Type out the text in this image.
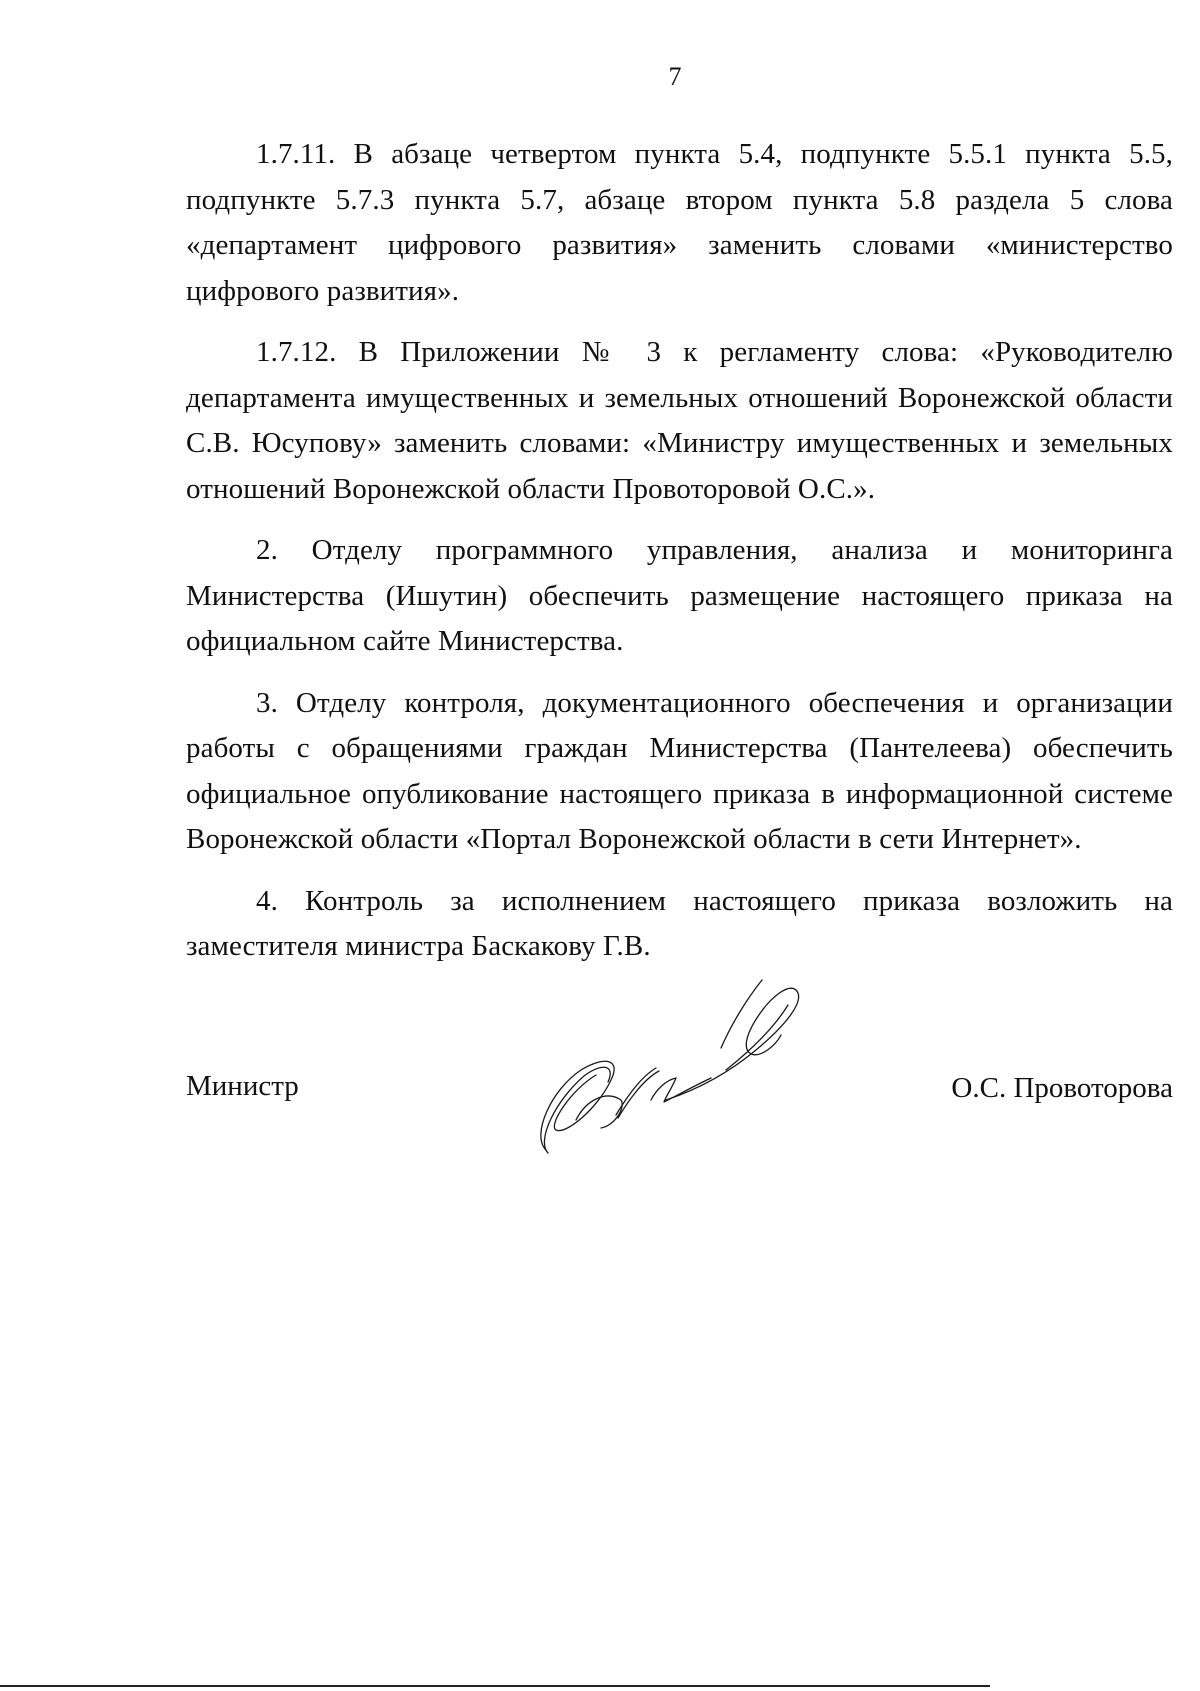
7

1.7.11. В абзаце четвертом пункта 5.4, подпункте 5.5.1 пункта 5.5, подпункте 5.7.3 пункта 5.7, абзаце втором пункта 5.8 раздела 5 слова «департамент цифрового развития» заменить словами «министерство цифрового развития».

1.7.12. В Приложении № 3 к регламенту слова: «Руководителю департамента имущественных и земельных отношений Воронежской области С.В. Юсупову» заменить словами: «Министру имущественных и земельных отношений Воронежской области Провоторовой О.С.».

2. Отделу программного управления, анализа и мониторинга Министерства (Ишутин) обеспечить размещение настоящего приказа на официальном сайте Министерства.

3. Отделу контроля, документационного обеспечения и организации работы с обращениями граждан Министерства (Пантелеева) обеспечить официальное опубликование настоящего приказа в информационной системе Воронежской области «Портал Воронежской области в сети Интернет».

4. Контроль за исполнением настоящего приказа возложить на заместителя министра Баскакову Г.В.

Министр	О.С. Провоторова
